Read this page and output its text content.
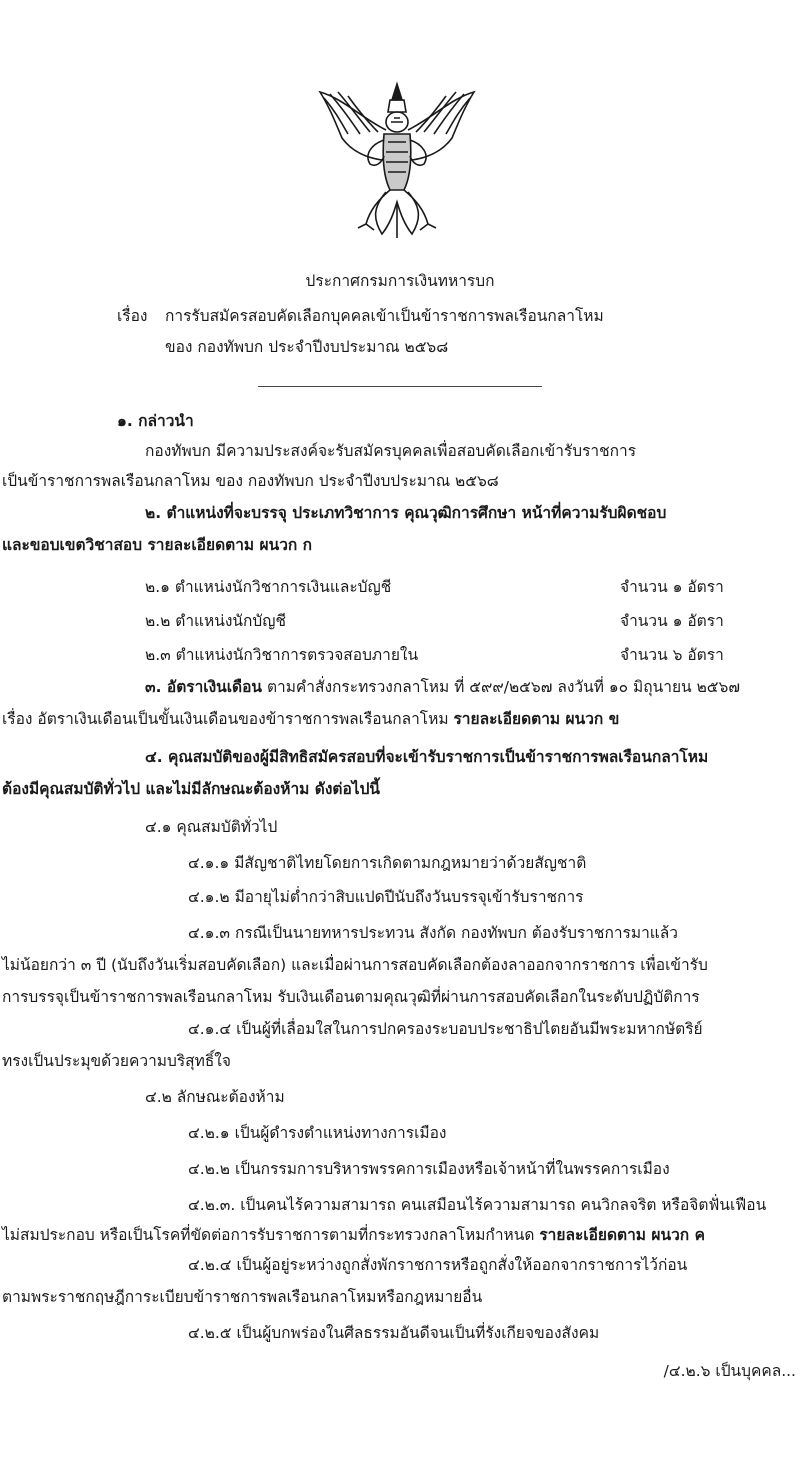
ประกาศกรมการเงินทหารบก
เรื่อง การรับสมัครสอบคัดเลือกบุคคลเข้าเป็นข้าราชการพลเรือนกลาโหม
ของ กองทัพบก ประจำปีงบประมาณ ๒๕๖๘
๑. กล่าวนำ
กองทัพบก มีความประสงค์จะรับสมัครบุคคลเพื่อสอบคัดเลือกเข้ารับราชการ
เป็นข้าราชการพลเรือนกลาโหม ของ กองทัพบก ประจำปีงบประมาณ ๒๕๖๘
๒. ตำแหน่งที่จะบรรจุ ประเภทวิชาการ คุณวุฒิการศึกษา หน้าที่ความรับผิดชอบ
และขอบเขตวิชาสอบ รายละเอียดตาม ผนวก ก
๒.๑ ตำแหน่งนักวิชาการเงินและบัญชี	จำนวน ๑ อัตรา
๒.๒ ตำแหน่งนักบัญชี	จำนวน ๑ อัตรา
๒.๓ ตำแหน่งนักวิชาการตรวจสอบภายใน	จำนวน ๖ อัตรา
๓. อัตราเงินเดือน ตามคำสั่งกระทรวงกลาโหม ที่ ๕๙๙/๒๕๖๗ ลงวันที่ ๑๐ มิถุนายน ๒๕๖๗
เรื่อง อัตราเงินเดือนเป็นขั้นเงินเดือนของข้าราชการพลเรือนกลาโหม รายละเอียดตาม ผนวก ข
๔. คุณสมบัติของผู้มีสิทธิสมัครสอบที่จะเข้ารับราชการเป็นข้าราชการพลเรือนกลาโหม
ต้องมีคุณสมบัติทั่วไป และไม่มีลักษณะต้องห้าม ดังต่อไปนี้
๔.๑ คุณสมบัติทั่วไป
๔.๑.๑ มีสัญชาติไทยโดยการเกิดตามกฎหมายว่าด้วยสัญชาติ
๔.๑.๒ มีอายุไม่ต่ำกว่าสิบแปดปีนับถึงวันบรรจุเข้ารับราชการ
๔.๑.๓ กรณีเป็นนายทหารประทวน สังกัด กองทัพบก ต้องรับราชการมาแล้ว
ไม่น้อยกว่า ๓ ปี (นับถึงวันเริ่มสอบคัดเลือก) และเมื่อผ่านการสอบคัดเลือกต้องลาออกจากราชการ เพื่อเข้ารับ
การบรรจุเป็นข้าราชการพลเรือนกลาโหม รับเงินเดือนตามคุณวุฒิที่ผ่านการสอบคัดเลือกในระดับปฏิบัติการ
๔.๑.๔ เป็นผู้ที่เลื่อมใสในการปกครองระบอบประชาธิปไตยอันมีพระมหากษัตริย์
ทรงเป็นประมุขด้วยความบริสุทธิ์ใจ
๔.๒ ลักษณะต้องห้าม
๔.๒.๑ เป็นผู้ดำรงตำแหน่งทางการเมือง
๔.๒.๒ เป็นกรรมการบริหารพรรคการเมืองหรือเจ้าหน้าที่ในพรรคการเมือง
๔.๒.๓. เป็นคนไร้ความสามารถ คนเสมือนไร้ความสามารถ คนวิกลจริต หรือจิตฟั่นเฟือน
ไม่สมประกอบ หรือเป็นโรคที่ขัดต่อการรับราชการตามที่กระทรวงกลาโหมกำหนด รายละเอียดตาม ผนวก ค
๔.๒.๔ เป็นผู้อยู่ระหว่างถูกสั่งพักราชการหรือถูกสั่งให้ออกจากราชการไว้ก่อน
ตามพระราชกฤษฎีการะเบียบข้าราชการพลเรือนกลาโหมหรือกฎหมายอื่น
๔.๒.๕ เป็นผู้บกพร่องในศีลธรรมอันดีจนเป็นที่รังเกียจของสังคม
/๔.๒.๖ เป็นบุคคล...
